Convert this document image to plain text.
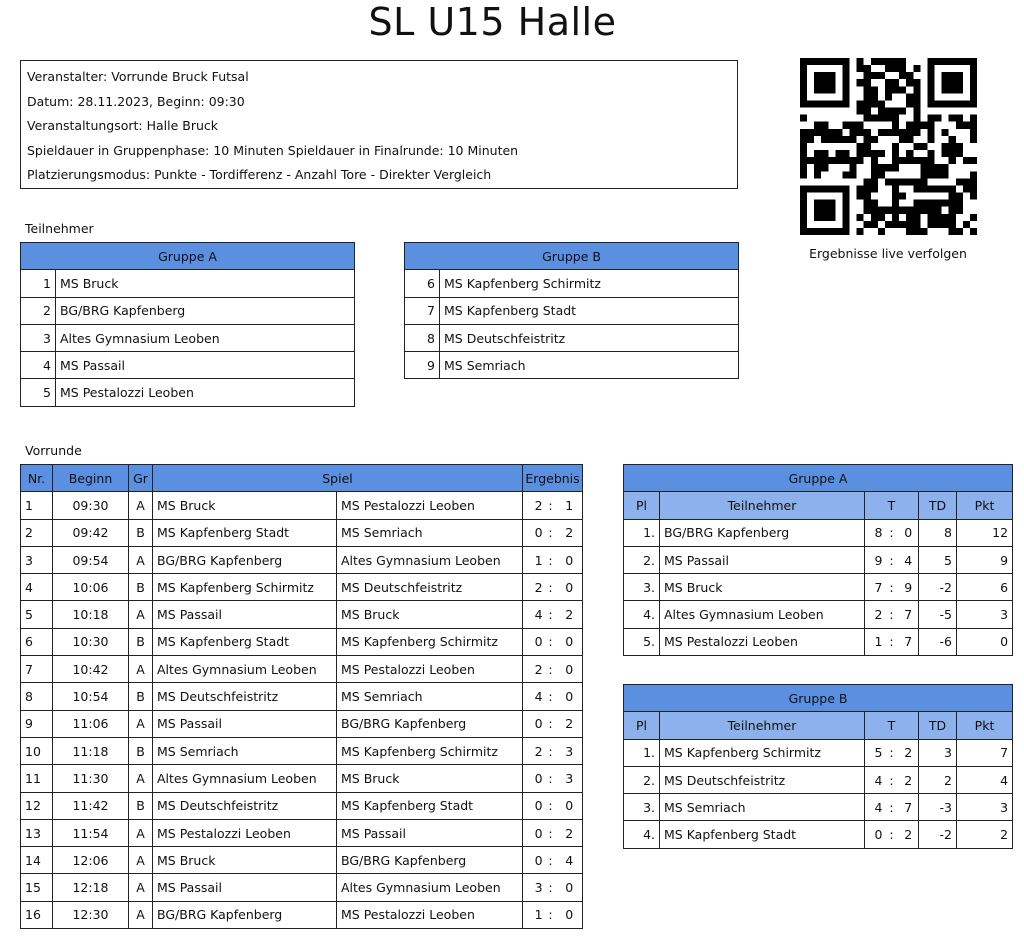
SL U15 Halle
Veranstalter: Vorrunde Bruck Futsal
Datum: 28.11.2023, Beginn: 09:30
Veranstaltungsort: Halle Bruck
Spieldauer in Gruppenphase: 10 Minuten Spieldauer in Finalrunde: 10 Minuten
Platzierungsmodus: Punkte - Tordifferenz - Anzahl Tore - Direkter Vergleich
Ergebnisse live verfolgen
Teilnehmer
Gruppe A	
1	MS Bruck
2	BG/BRG Kapfenberg
3	Altes Gymnasium Leoben
4	MS Passail
5	MS Pestalozzi Leoben
Gruppe B	
6	MS Kapfenberg Schirmitz
7	MS Kapfenberg Stadt
8	MS Deutschfeistritz
9	MS Semriach
Vorrunde
Nr.	Beginn	Gr	Spiel		Ergebnis		
1	09:30	A	MS Bruck	MS Pestalozzi Leoben	2	:	1
2	09:42	B	MS Kapfenberg Stadt	MS Semriach	0	:	2
3	09:54	A	BG/BRG Kapfenberg	Altes Gymnasium Leoben	1	:	0
4	10:06	B	MS Kapfenberg Schirmitz	MS Deutschfeistritz	2	:	0
5	10:18	A	MS Passail	MS Bruck	4	:	2
6	10:30	B	MS Kapfenberg Stadt	MS Kapfenberg Schirmitz	0	:	0
7	10:42	A	Altes Gymnasium Leoben	MS Pestalozzi Leoben	2	:	0
8	10:54	B	MS Deutschfeistritz	MS Semriach	4	:	0
9	11:06	A	MS Passail	BG/BRG Kapfenberg	0	:	2
10	11:18	B	MS Semriach	MS Kapfenberg Schirmitz	2	:	3
11	11:30	A	Altes Gymnasium Leoben	MS Bruck	0	:	3
12	11:42	B	MS Deutschfeistritz	MS Kapfenberg Stadt	0	:	0
13	11:54	A	MS Pestalozzi Leoben	MS Passail	0	:	2
14	12:06	A	MS Bruck	BG/BRG Kapfenberg	0	:	4
15	12:18	A	MS Passail	Altes Gymnasium Leoben	3	:	0
16	12:30	A	BG/BRG Kapfenberg	MS Pestalozzi Leoben	1	:	0
Gruppe A						
Pl	Teilnehmer	T			TD	Pkt
1.	BG/BRG Kapfenberg	8	:	0	8	12
2.	MS Passail	9	:	4	5	9
3.	MS Bruck	7	:	9	-2	6
4.	Altes Gymnasium Leoben	2	:	7	-5	3
5.	MS Pestalozzi Leoben	1	:	7	-6	0
Gruppe B						
Pl	Teilnehmer	T			TD	Pkt
1.	MS Kapfenberg Schirmitz	5	:	2	3	7
2.	MS Deutschfeistritz	4	:	2	2	4
3.	MS Semriach	4	:	7	-3	3
4.	MS Kapfenberg Stadt	0	:	2	-2	2
